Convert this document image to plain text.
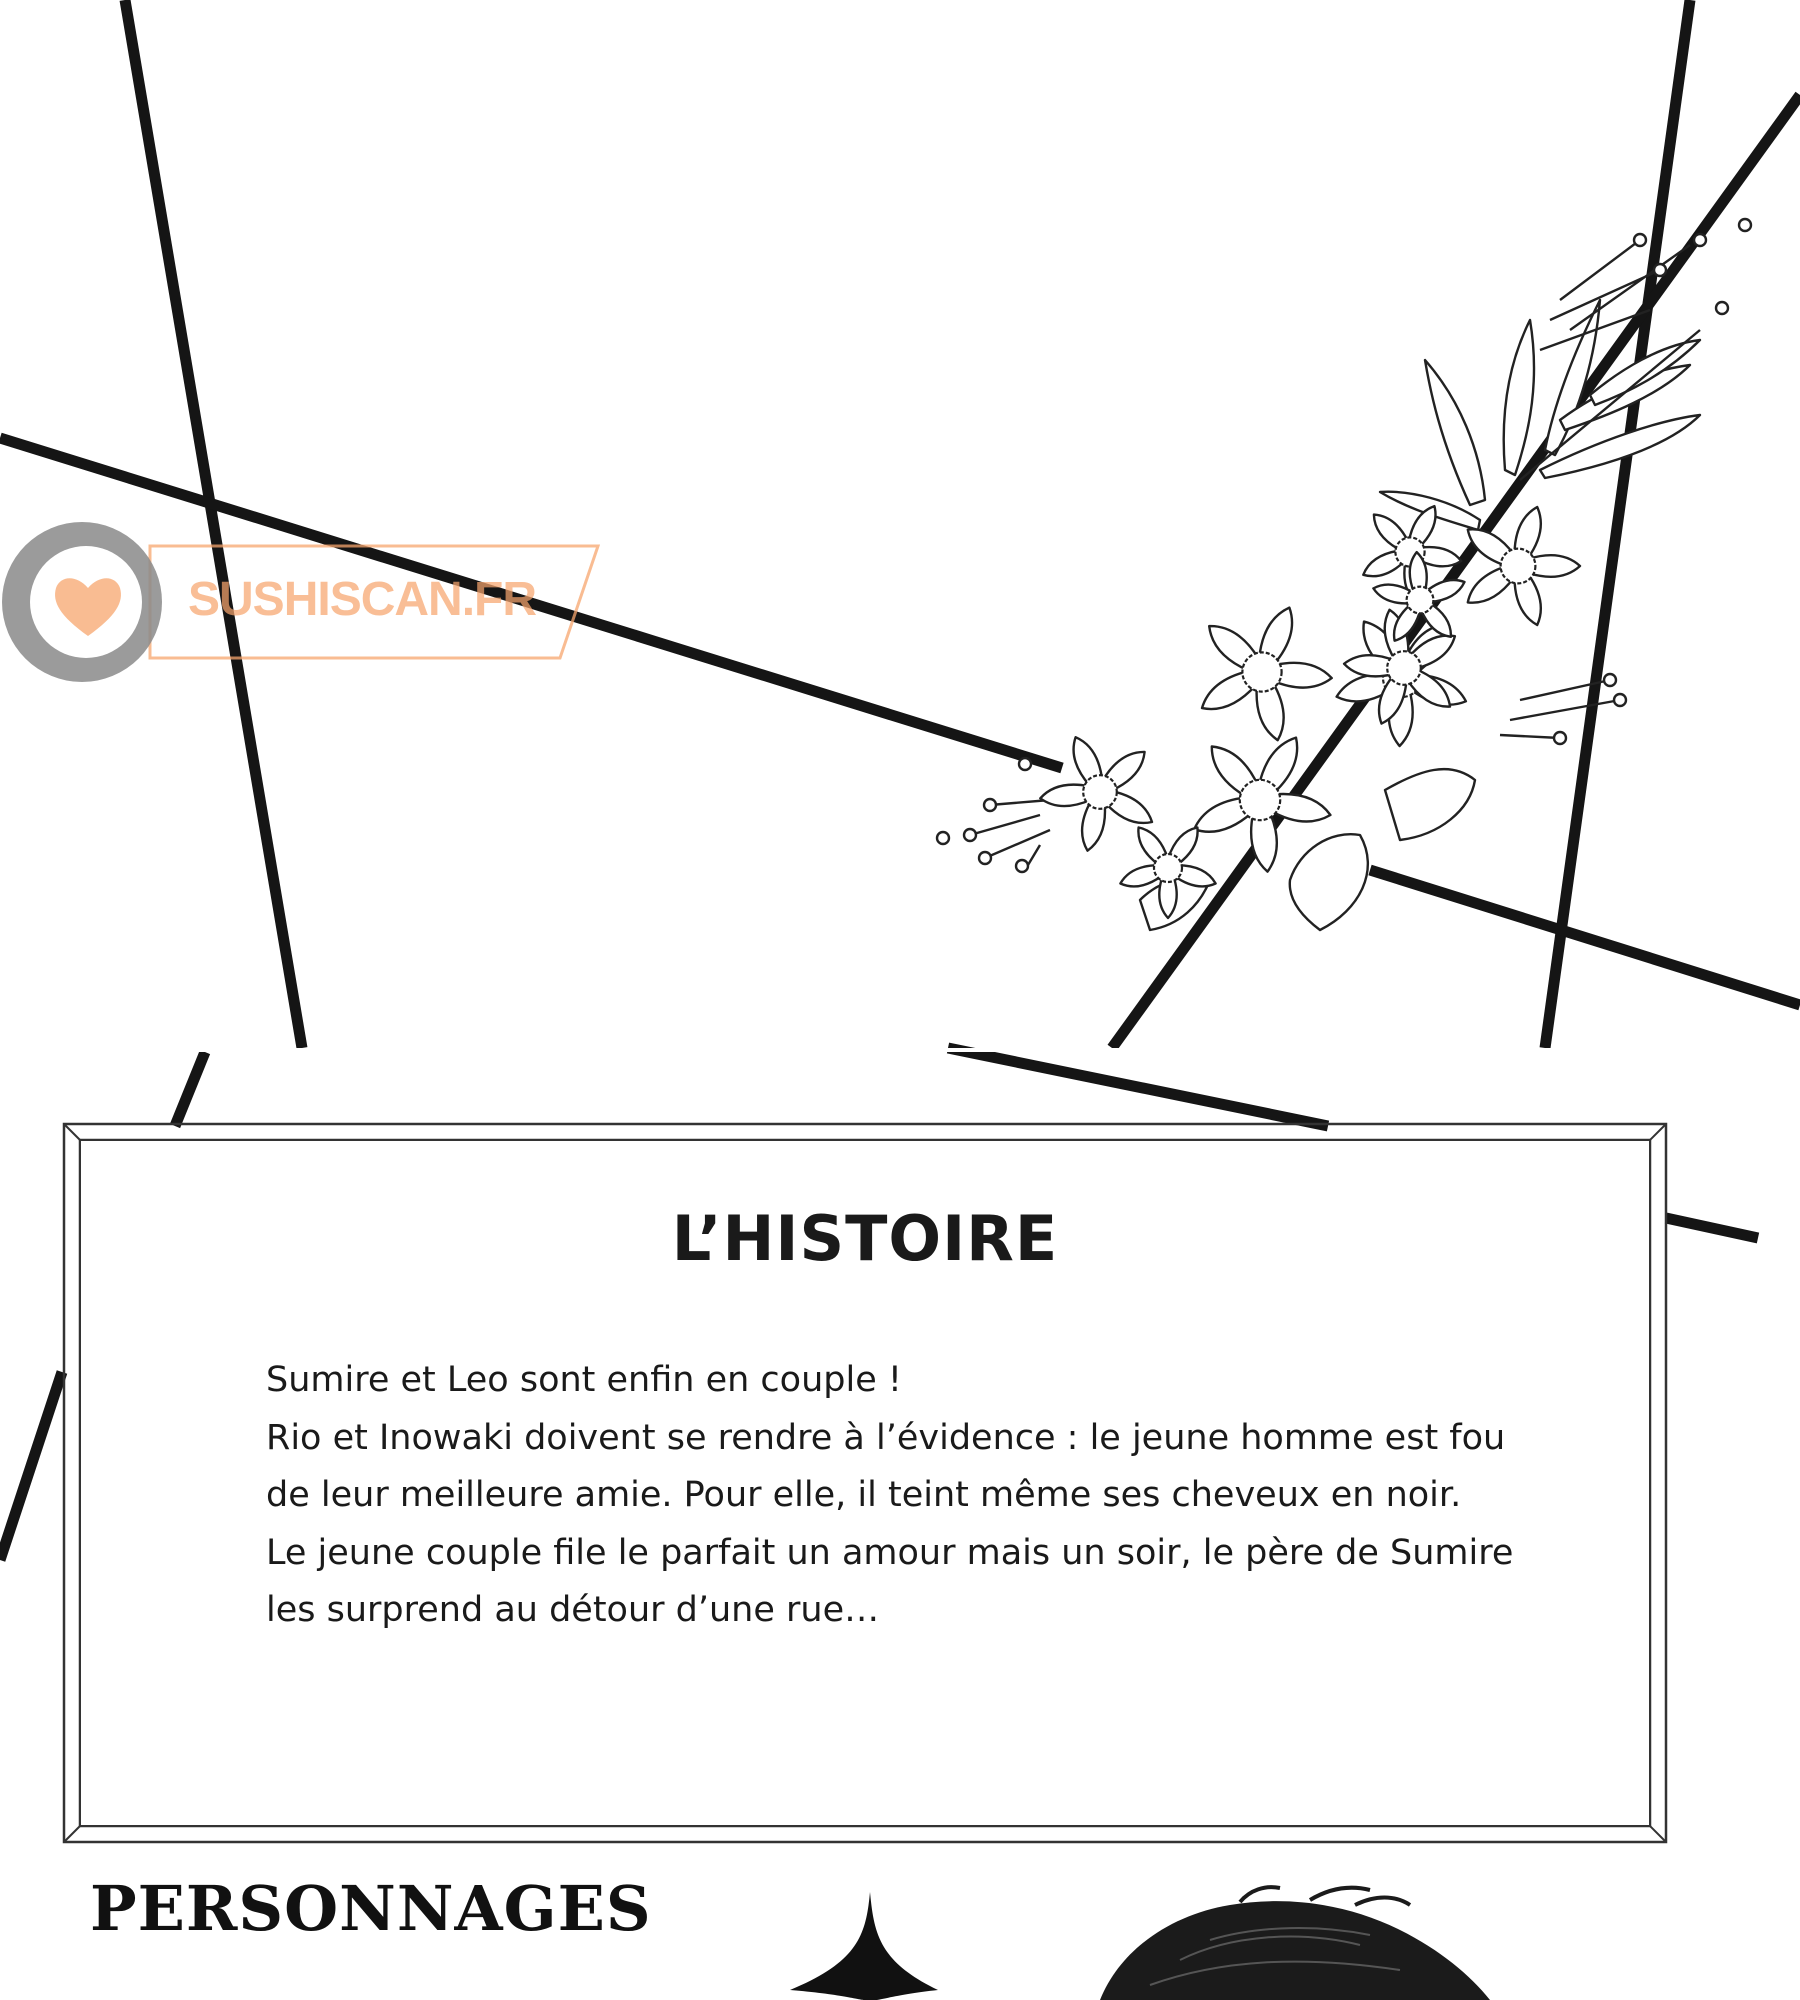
SUSHISCAN.FR
L’HISTOIRE

Sumire et Leo sont enfin en couple !
Rio et Inowaki doivent se rendre à l’évidence : le jeune homme est fou
de leur meilleure amie. Pour elle, il teint même ses cheveux en noir.
Le jeune couple file le parfait un amour mais un soir, le père de Sumire
les surprend au détour d’une rue…

PERSONNAGES
